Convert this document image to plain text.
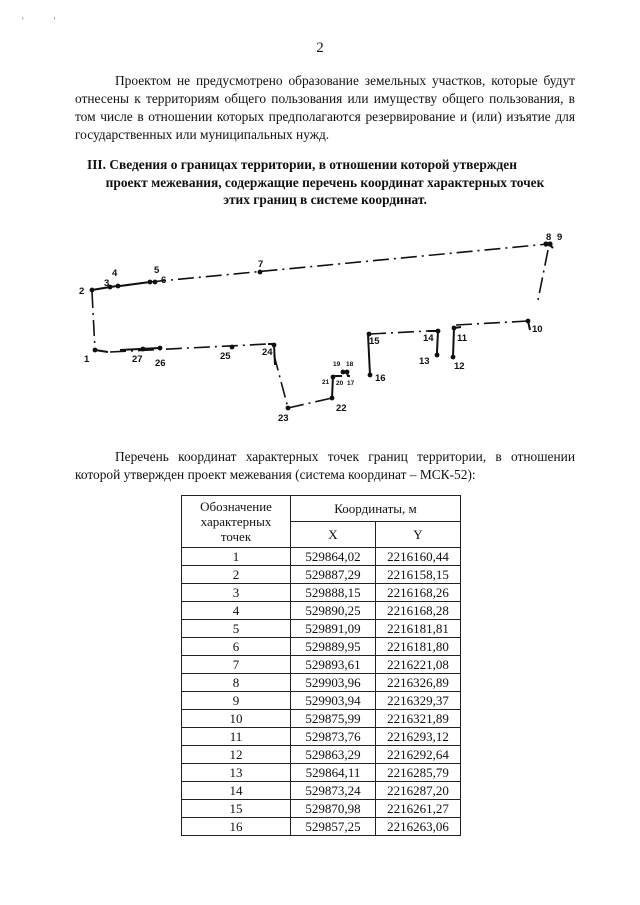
' '
2
Проектом не предусмотрено образование земельных участков, которые будут отнесены к территориям общего пользования или имуществу общего пользования, в том числе в отношении которых предполагаются резервирование и (или) изъятие для государственных или муниципальных нужд.
III. Сведения о границах территории, в отношении которой утвержден
проект межевания, содержащие перечень координат характерных точек
этих границ в системе координат.
1
2
3
4	5
6
7
8 9
10
11
12
13
14
15
16
17
18
19
20
21
22
23
24
25
26
27
Перечень координат характерных точек границ территории, в отношении которой утвержден проект межевания (система координат – МСК-52):
Обозначение характерных точек	Координаты, м	
	X	Y
1	529864,02	2216160,44
2	529887,29	2216158,15
3	529888,15	2216168,26
4	529890,25	2216168,28
5	529891,09	2216181,81
6	529889,95	2216181,80
7	529893,61	2216221,08
8	529903,96	2216326,89
9	529903,94	2216329,37
10	529875,99	2216321,89
11	529873,76	2216293,12
12	529863,29	2216292,64
13	529864,11	2216285,79
14	529873,24	2216287,20
15	529870,98	2216261,27
16	529857,25	2216263,06
